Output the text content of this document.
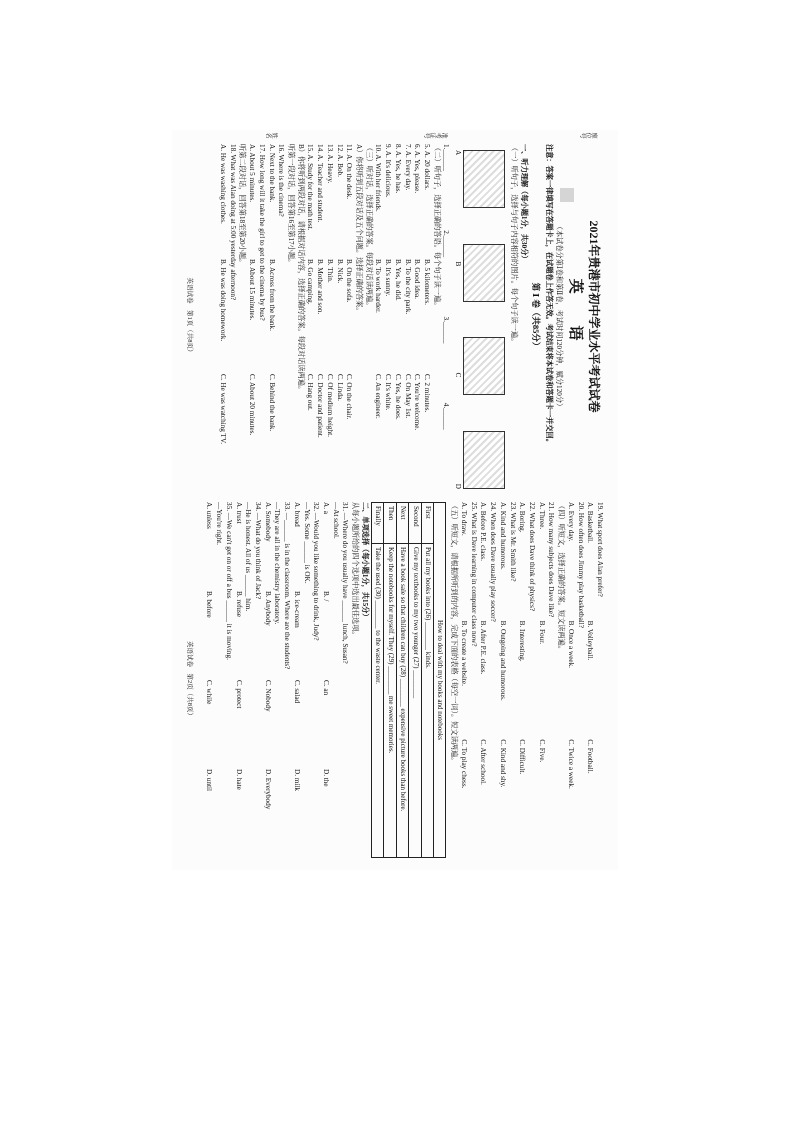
座位号
准考证号
姓名
2021年贵港市初中学业水平考试试卷
英 语
（本试卷分第Ⅰ卷和第Ⅱ卷，考试时间120分钟，赋分120分）
注意：答案一律填写在答题卡上，在试题卷上作答无效。考试结束将本试卷和答题卡一并交回。
第 Ⅰ 卷（共85分）
一、听力理解（每小题1分，共30分）
（一）听句子，选择与句子内容相符的图片。每个句子读一遍。
A
B
C
D
1.______
2.______
3.______
4.______
（二）听句子，选择正确的答语。每个句子读一遍。
5. A. 20 dollars.
B. 5 kilometers.
C. 2 minutes.
6. A. Yes, please.
B. Good idea.
C. You're welcome.
7. A. Every day.
B. To the city park.
C. On May 1st.
8. A. Yes, he has.
B. Yes, he did.
C. Yes, he does.
9. A. It's delicious.
B. It's sunny.
C. It's white.
10. A. With her friends.
B. To work harder.
C. An engineer.
（三）听对话，选择正确的答案。每段对话读两遍。
A）你将听到五段对话及五个问题。选择正确的答案。
11. A. On the desk.
B. On the sofa.
C. On the chair.
12. A. Bob.
B. Nick.
C. Linda.
13. A. Heavy.
B. Thin.
C. Of medium height.
14. A. Teacher and student.
B. Mother and son.
C. Doctor and patient.
15. A. Study for the math test.
B. Go camping.
C. Hang out.
B）你将听到两段对话，请根据对话内容，选择正确的答案。每段对话读两遍。
听第一段对话，回答第16至第17小题。
16. Where is the cinema?
A. Next to the bank.
B. Across from the bank.
C. Behind the bank.
17. How long will it take the girl to get to the cinema by bus?
A. About 5 minutes.
B. About 15 minutes.
C. About 20 minutes.
听第二段对话，回答第18至第20小题。
18. What was Alan doing at 5:00 yesterday afternoon?
A. He was washing clothes.
B. He was doing homework.
C. He was watching TV.
英语试卷　第1页（共8页）
19. What sport does Alan prefer?
A. Basketball.
B. Volleyball.
C. Football.
20. How often does Jimmy play basketball?
A. Every day.
B. Once a week.
C. Twice a week.
（四）听短文，选择正确的答案。短文读两遍。
21. How many subjects does Dave like?
A. Three.
B. Four.
C. Five.
22. What does Dave think of physics?
A. Boring.
B. Interesting.
C. Difficult.
23. What is Mr. Smith like?
A. Kind and humorous.
B. Outgoing and humorous.
C. Kind and shy.
24. When does Dave usually play soccer?
A. Before P.E. class.
B. After P.E. class.
C. After school.
25. What is Dave learning in computer class now?
A. To draw.
B. To create a website.
C. To play chess.
（五）听短文，请根据所听到的内容，完成下面的表格（每空一词）。短文读两遍。
How to deal with my books and notebooks	
First	Put all my books into (26) ________ kinds.
Second	Give my textbooks to my two younger (27) ________
Next	Have a book sale so that children can buy (28) ________ expensive picture books than before.
Then	Keep the notebooks for myself. They (29) ________ me sweet memories.
Finally	Take the used (30) ________ to the waste center.
二、单项选择（每小题1分，共15分）
从每小题所给的四个选项中选出最佳选项。
31. —Where do you usually have ______ lunch, Susan?
—At school.
A. a
B. /
C. an
D. the
32. —Would you like something to drink, Judy?
—Yes. Some ______ is OK.
A. bread
B. ice-cream
C. salad
D. milk
33. —______ is in the classroom. Where are the students?
—They are all in the chemistry laboratory.
A. Somebody
B. Anybody
C. Nobody
D. Everybody
34. —What do you think of Jack?
—He is honest. All of us ______ him.
A. trust
B. refuse
C. protect
D. hate
35. —We can't get on or off a bus ______ it is moving.
—You're right.
A. unless
B. before
C. while
D. until
英语试卷　第2页（共8页）
